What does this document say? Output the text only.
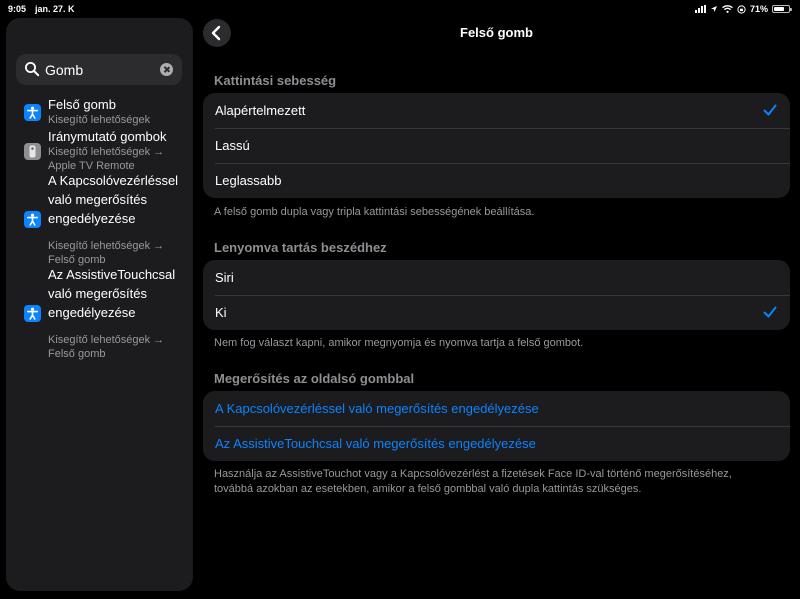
9:05 jan. 27. K	71%
Gomb
Felső gomb
Kisegítő lehetőségek
Iránymutató gombok
Kisegítő lehetőségek → Apple TV Remote
A Kapcsolóvezérléssel való megerősítés engedélyezése
Kisegítő lehetőségek → Felső gomb
Az AssistiveTouchcsal való megerősítés engedélyezése
Kisegítő lehetőségek → Felső gomb
Felső gomb
Kattintási sebesség
Alapértelmezett
Lassú
Leglassabb
A felső gomb dupla vagy tripla kattintási sebességének beállítása.
Lenyomva tartás beszédhez
Siri
Ki
Nem fog választ kapni, amikor megnyomja és nyomva tartja a felső gombot.
Megerősítés az oldalsó gombbal
A Kapcsolóvezérléssel való megerősítés engedélyezése
Az AssistiveTouchcsal való megerősítés engedélyezése
Használja az AssistiveTouchot vagy a Kapcsolóvezérlést a fizetések Face ID-val történő megerősítéséhez, továbbá azokban az esetekben, amikor a felső gombbal való dupla kattintás szükséges.
